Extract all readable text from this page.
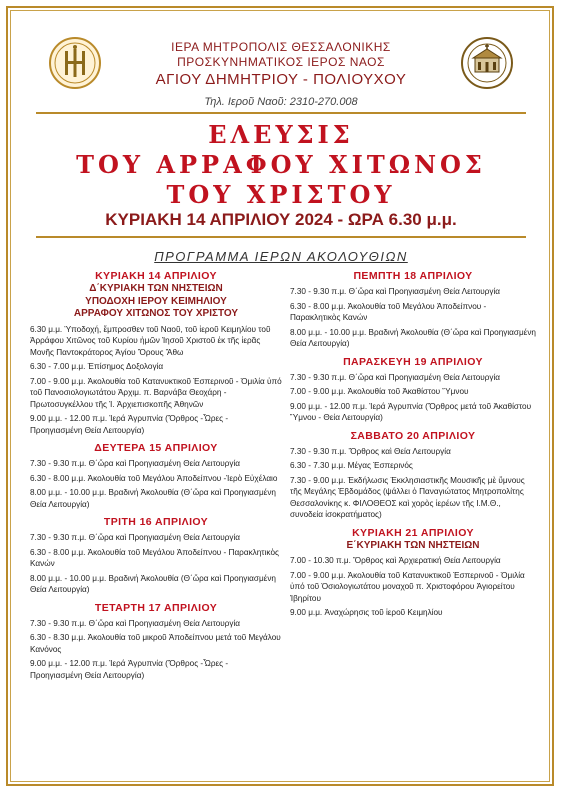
ΙΕΡΑ ΜΗΤΡΟΠΟΛΙΣ ΘΕΣΣΑΛΟΝΙΚΗΣ
ΠΡΟΣΚΥΝΗΜΑΤΙΚΟΣ ΙΕΡΟΣ ΝΑΟΣ
ΑΓΙΟΥ ΔΗΜΗΤΡΙΟΥ - ΠΟΛΙΟΥΧΟΥ
Τηλ. Ιεροῦ Ναοῦ: 2310-270.008
ΕΛΕΥΣΙΣ
ΤΟΥ ΑΡΡΑΦΟΥ ΧΙΤΩΝΟΣ
ΤΟΥ ΧΡΙΣΤΟΥ
ΚΥΡΙΑΚΗ 14 ΑΠΡΙΛΙΟΥ 2024 - ΩΡΑ 6.30 μ.μ.
ΠΡΟΓΡΑΜΜΑ ΙΕΡΩΝ ΑΚΟΛΟΥΘΙΩΝ
ΚΥΡΙΑΚΗ 14 ΑΠΡΙΛΙΟΥ
Δ΄ΚΥΡΙΑΚΗ ΤΩΝ ΝΗΣΤΕΙΩΝ
ΥΠΟΔΟΧΗ ΙΕΡΟΥ ΚΕΙΜΗΛΙΟΥ
ΑΡΡΑΦΟΥ ΧΙΤΩΝΟΣ ΤΟΥ ΧΡΙΣΤΟΥ
6.30 μ.μ. Ὑποδοχή, ἔμπροσθεν τοῦ Ναοῦ, τοῦ ἱεροῦ Κειμηλίου τοῦ Ἀρράφου Χιτῶνος τοῦ Κυρίου ἡμῶν Ἰησοῦ Χριστοῦ ἐκ τῆς ἱερᾶς Μονῆς Παντοκράτορος Ἁγίου Ὄρους Ἄθω
6.30 - 7.00 μ.μ. Ἐπίσημος Δοξολογία
7.00 - 9.00 μ.μ. Ἀκολουθία τοῦ Κατανυκτικοῦ Ἑσπερινοῦ - Ὁμιλία ὑπό τοῦ Πανοσιολογιωτάτου Ἀρχιμ. π. Βαρνάβα Θεοχάρη - Πρωτοσυγκέλλου τῆς Ἱ. Ἀρχιεπισκοπῆς Ἀθηνῶν
9.00 μ.μ. - 12.00 π.μ. Ἱερά Ἀγρυπνία (Ὄρθρος -Ὧρες - Προηγιασμένη Θεία Λειτουργία)
ΔΕΥΤΕΡΑ 15 ΑΠΡΙΛΙΟΥ
7.30 - 9.30 π.μ. Θ΄ὥρα καὶ Προηγιασμένη Θεία Λειτουργία
6.30 - 8.00 μ.μ. Ἀκολουθία τοῦ Μεγάλου Ἀποδείπνου -Ἱερὸ Εὐχέλαιο
8.00 μ.μ. - 10.00 μ.μ. Βραδινή Ἀκολουθία (Θ΄ὥρα καὶ Προηγιασμένη Θεία Λειτουργία)
ΤΡΙΤΗ 16 ΑΠΡΙΛΙΟΥ
7.30 - 9.30 π.μ. Θ΄ὥρα καὶ Προηγιασμένη Θεία Λειτουργία
6.30 - 8.00 μ.μ. Ἀκολουθία τοῦ Μεγάλου Ἀποδείπνου - Παρακλητικὸς Κανών
8.00 μ.μ. - 10.00 μ.μ. Βραδινή Ἀκολουθία (Θ΄ὥρα καὶ Προηγιασμένη Θεία Λειτουργία)
ΤΕΤΑΡΤΗ 17 ΑΠΡΙΛΙΟΥ
7.30 - 9.30 π.μ. Θ΄ὥρα καὶ Προηγιασμένη Θεία Λειτουργία
6.30 - 8.30 μ.μ. Ἀκολουθία τοῦ μικροῦ Ἀποδείπνου μετά τοῦ Μεγάλου Κανόνος
9.00 μ.μ. - 12.00 π.μ. Ἱερά Ἀγρυπνία (Ὄρθρος -Ὧρες - Προηγιασμένη Θεία Λειτουργία)
ΠΕΜΠΤΗ 18 ΑΠΡΙΛΙΟΥ
7.30 - 9.30 π.μ. Θ΄ὥρα καὶ Προηγιασμένη Θεία Λειτουργία
6.30 - 8.00 μ.μ. Ἀκολουθία τοῦ Μεγάλου Ἀποδείπνου - Παρακλητικὸς Κανών
8.00 μ.μ. - 10.00 μ.μ. Βραδινή Ἀκολουθία (Θ΄ὥρα καὶ Προηγιασμένη Θεία Λειτουργία)
ΠΑΡΑΣΚΕΥΗ 19 ΑΠΡΙΛΙΟΥ
7.30 - 9.30 π.μ. Θ΄ὥρα καὶ Προηγιασμένη Θεία Λειτουργία
7.00 - 9.00 μ.μ. Ἀκολουθία τοῦ Ἀκαθίστου Ὕμνου
9.00 μ.μ. - 12.00 π.μ. Ἱερά Ἀγρυπνία (Ὄρθρος μετά τοῦ Ἀκαθίστου Ὕμνου - Θεία Λειτουργία)
ΣΑΒΒΑΤΟ 20 ΑΠΡΙΛΙΟΥ
7.30 - 9.30 π.μ. Ὄρθρος καὶ Θεία Λειτουργία
6.30 - 7.30 μ.μ. Μέγας Ἑσπερινός
7.30 - 9.00 μ.μ. Ἐκδήλωσις Ἐκκλησιαστικῆς Μουσικῆς μὲ ὕμνους τῆς Μεγάλης Ἑβδομάδος (ψάλλει ὁ Παναγιώτατος Μητροπολίτης Θεσσαλονίκης κ. ΦΙΛΟΘΕΟΣ καὶ χορὸς ἱερέων τῆς Ι.Μ.Θ., συνοδεία ἰσοκρατήματος)
ΚΥΡΙΑΚΗ 21 ΑΠΡΙΛΙΟΥ
Ε΄ΚΥΡΙΑΚΗ ΤΩΝ ΝΗΣΤΕΙΩΝ
7.00 - 10.30 π.μ. Ὄρθρος καὶ Ἀρχιερατική Θεία Λειτουργία
7.00 - 9.00 μ.μ. Ἀκολουθία τοῦ Κατανυκτικοῦ Ἑσπερινοῦ - Ὁμιλία ὑπό τοῦ Ὁσιολογιωτάτου μοναχοῦ π. Χριστοφόρου Ἁγιορείτου Ἰβηρίτου
9.00 μ.μ. Ἀναχώρησις τοῦ ἱεροῦ Κειμηλίου
